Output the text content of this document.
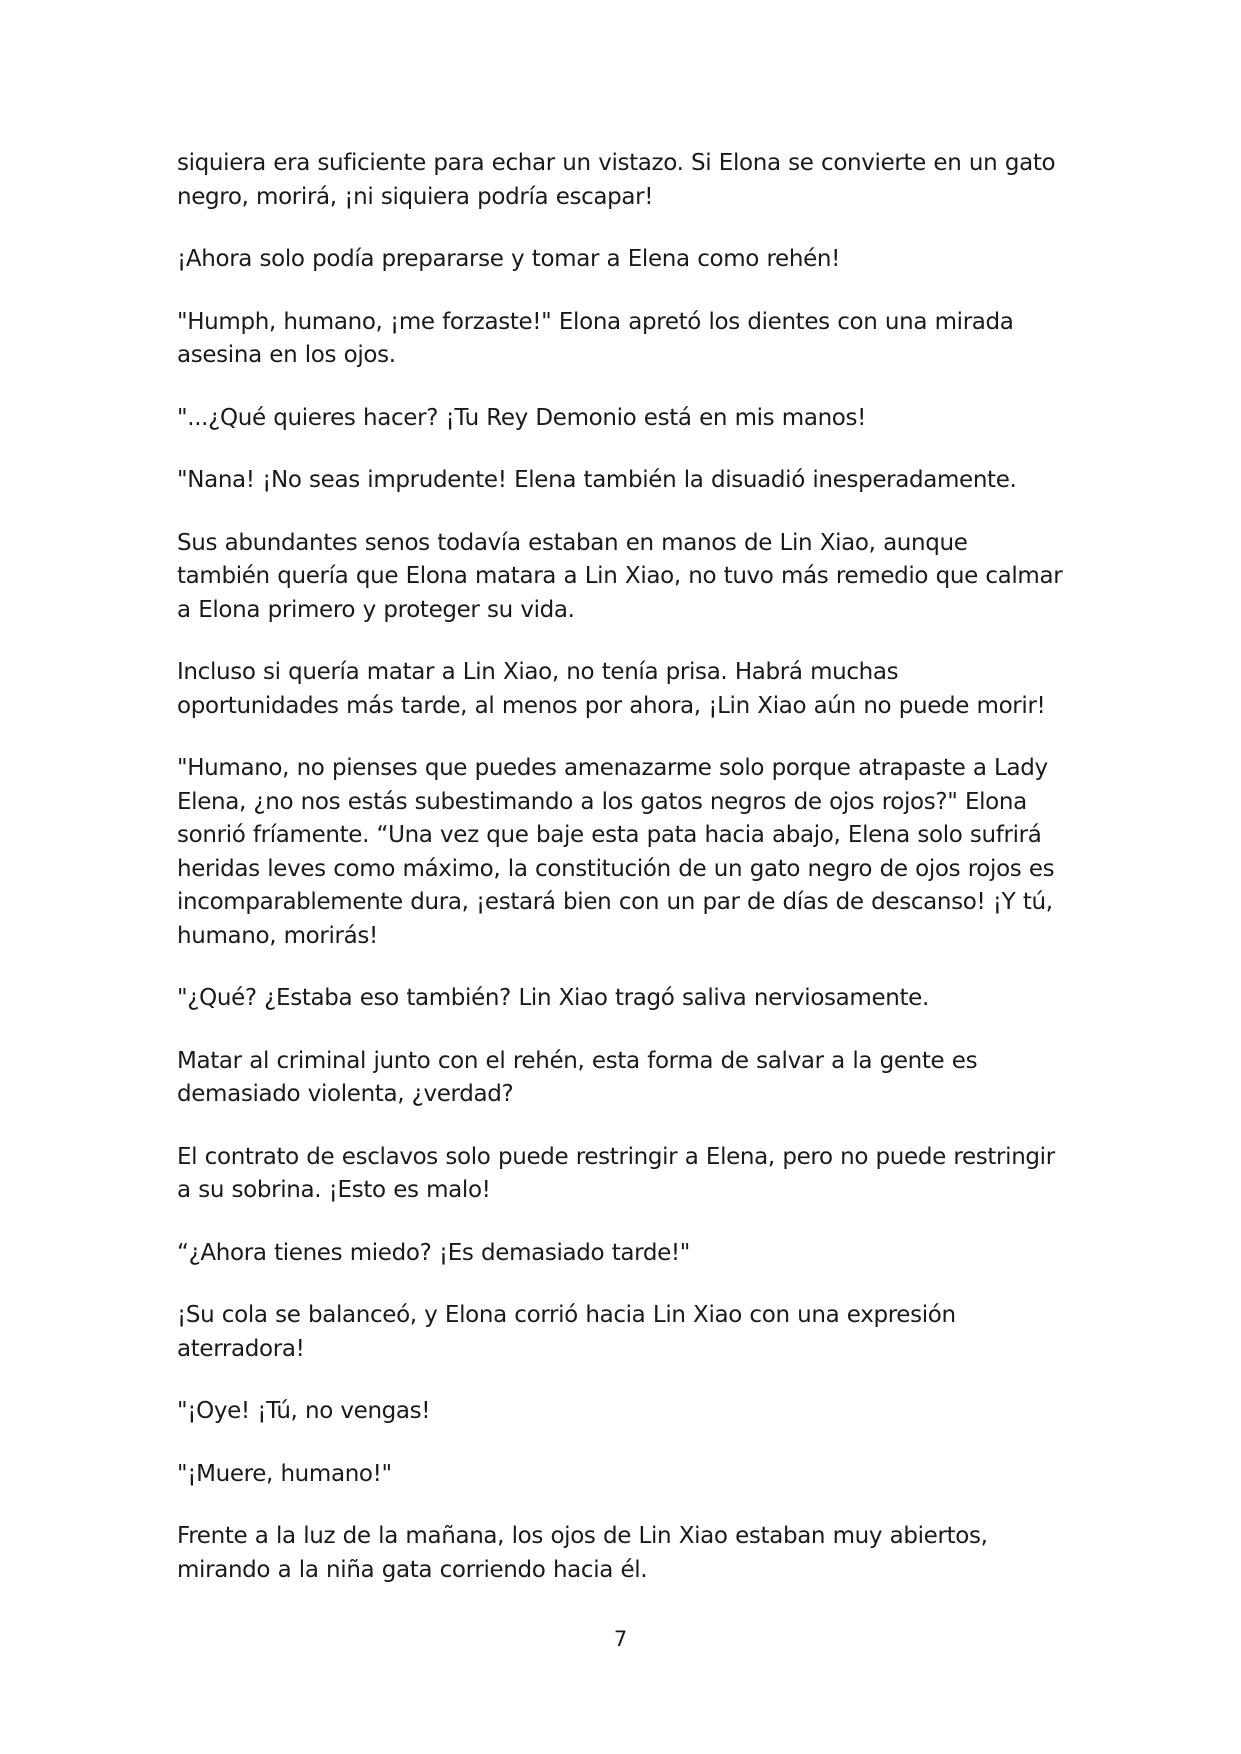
siquiera era suficiente para echar un vistazo. Si Elona se convierte en un gato negro, morirá, ¡ni siquiera podría escapar!

¡Ahora solo podía prepararse y tomar a Elena como rehén!

"Humph, humano, ¡me forzaste!" Elona apretó los dientes con una mirada asesina en los ojos.

"...¿Qué quieres hacer? ¡Tu Rey Demonio está en mis manos!

"Nana! ¡No seas imprudente! Elena también la disuadió inesperadamente.

Sus abundantes senos todavía estaban en manos de Lin Xiao, aunque también quería que Elona matara a Lin Xiao, no tuvo más remedio que calmar a Elona primero y proteger su vida.

Incluso si quería matar a Lin Xiao, no tenía prisa. Habrá muchas oportunidades más tarde, al menos por ahora, ¡Lin Xiao aún no puede morir!

"Humano, no pienses que puedes amenazarme solo porque atrapaste a Lady Elena, ¿no nos estás subestimando a los gatos negros de ojos rojos?" Elona sonrió fríamente. “Una vez que baje esta pata hacia abajo, Elena solo sufrirá heridas leves como máximo, la constitución de un gato negro de ojos rojos es incomparablemente dura, ¡estará bien con un par de días de descanso! ¡Y tú, humano, morirás!

"¿Qué? ¿Estaba eso también? Lin Xiao tragó saliva nerviosamente.

Matar al criminal junto con el rehén, esta forma de salvar a la gente es demasiado violenta, ¿verdad?

El contrato de esclavos solo puede restringir a Elena, pero no puede restringir a su sobrina. ¡Esto es malo!

“¿Ahora tienes miedo? ¡Es demasiado tarde!"

¡Su cola se balanceó, y Elona corrió hacia Lin Xiao con una expresión aterradora!

"¡Oye! ¡Tú, no vengas!

"¡Muere, humano!"

Frente a la luz de la mañana, los ojos de Lin Xiao estaban muy abiertos, mirando a la niña gata corriendo hacia él.

7
